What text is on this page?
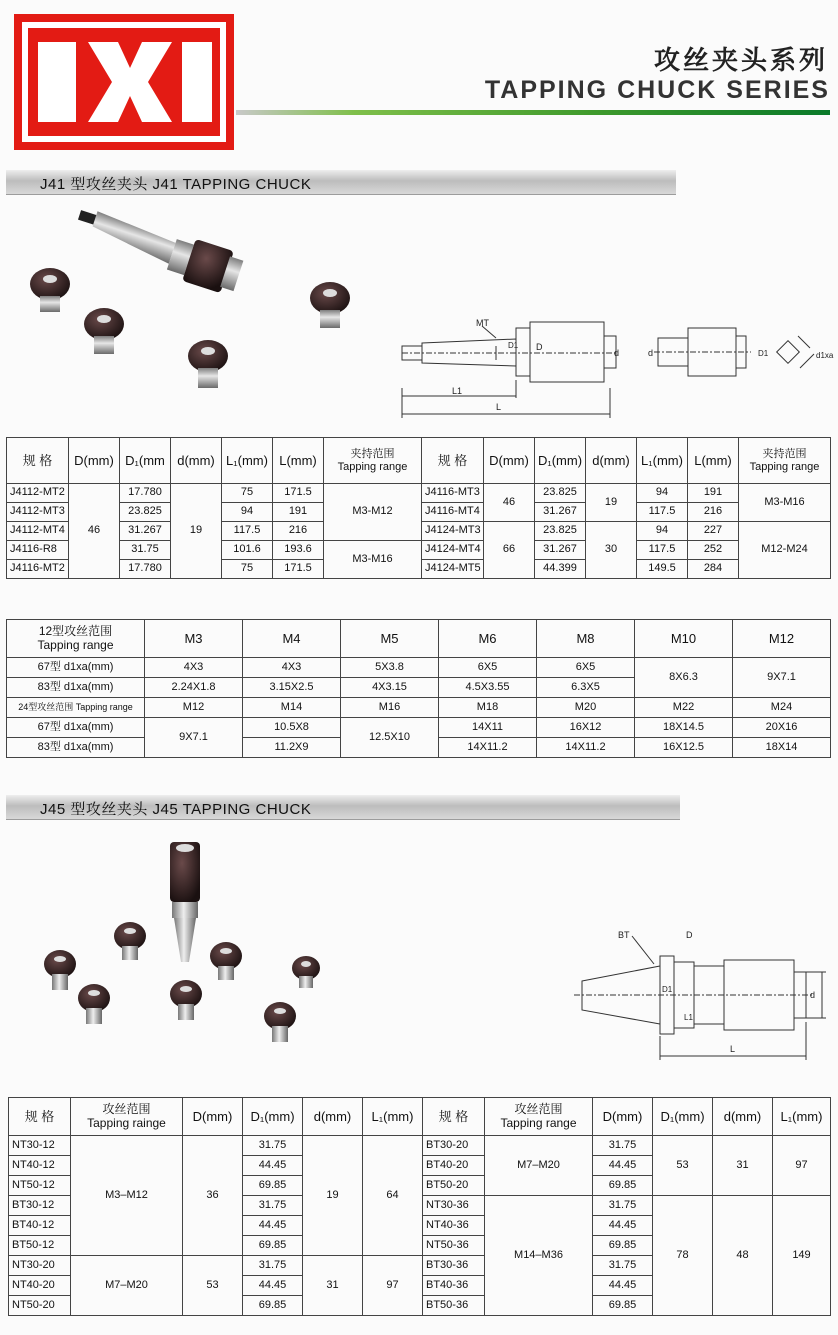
攻丝夹头系列
TAPPING CHUCK SERIES
J41 型攻丝夹头 J41 TAPPING CHUCK
MT
D1 D
L1
L
d	d	D1	d1xa
规 格	D(mm)	D₁(mm	d(mm)	L₁(mm)	L(mm)	夹持范围
Tapping range	规 格	D(mm)	D₁(mm)	d(mm)	L₁(mm)	L(mm)	夹持范围
Tapping range
J4112-MT2	46	17.780	19	75	171.5	M3-M12	J4116-MT3	46	23.825	19	94	191	M3-M16
J4112-MT3		23.825		94	191		J4116-MT4		31.267		117.5	216	
J4112-MT4		31.267		117.5	216		J4124-MT3	66	23.825	30	94	227	M12-M24
J4116-R8		31.75		101.6	193.6	M3-M16	J4124-MT4		31.267		117.5	252	
J4116-MT2		17.780		75	171.5		J4124-MT5		44.399		149.5	284	
12型攻丝范围
Tapping range	M3	M4	M5	M6	M8	M10	M12
67型 d1xa(mm)	4X3	4X3	5X3.8	6X5	6X5	8X6.3	9X7.1
83型 d1xa(mm)	2.24X1.8	3.15X2.5	4X3.15	4.5X3.55	6.3X5		
24型攻丝范围 Tapping range	M12	M14	M16	M18	M20	M22	M24
67型 d1xa(mm)	9X7.1	10.5X8	12.5X10	14X11	16X12	18X14.5	20X16
83型 d1xa(mm)		11.2X9		14X11.2	14X11.2	16X12.5	18X14
J45 型攻丝夹头 J45 TAPPING CHUCK
BT	D
D1
L1
L
d
规 格	攻丝范围
Tapping rainge	D(mm)	D₁(mm)	d(mm)	L₁(mm)	规 格	攻丝范围
Tapping range	D(mm)	D₁(mm)	d(mm)	L₁(mm)
NT30-12	M3–M12	36	31.75	19	64	BT30-20	M7–M20	31.75	53	31	97
NT40-12			44.45			BT40-20		44.45			
NT50-12			69.85			BT50-20		69.85			
BT30-12			31.75			NT30-36	M14–M36	31.75	78	48	149
BT40-12			44.45			NT40-36		44.45			
BT50-12			69.85			NT50-36		69.85			
NT30-20	M7–M20	53	31.75	31	97	BT30-36		31.75			
NT40-20			44.45			BT40-36		44.45			
NT50-20			69.85			BT50-36		69.85			
